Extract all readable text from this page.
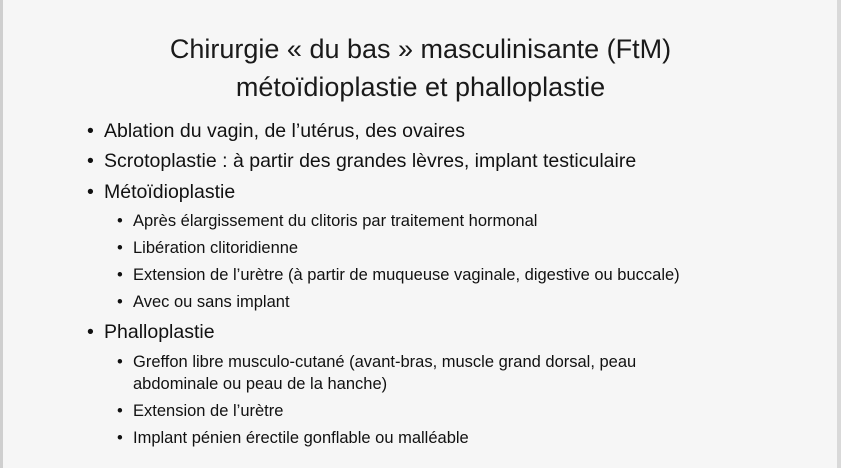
Chirurgie « du bas » masculinisante (FtM)
métoïdioplastie et phalloplastie
• Ablation du vagin, de l’utérus, des ovaires
• Scrotoplastie : à partir des grandes lèvres, implant testiculaire
• Métoïdioplastie
• Après élargissement du clitoris par traitement hormonal
• Libération clitoridienne
• Extension de l’urètre (à partir de muqueuse vaginale, digestive ou buccale)
• Avec ou sans implant
• Phalloplastie
• Greffon libre musculo-cutané (avant-bras, muscle grand dorsal, peau
abdominale ou peau de la hanche)
• Extension de l’urètre
• Implant pénien érectile gonflable ou malléable
